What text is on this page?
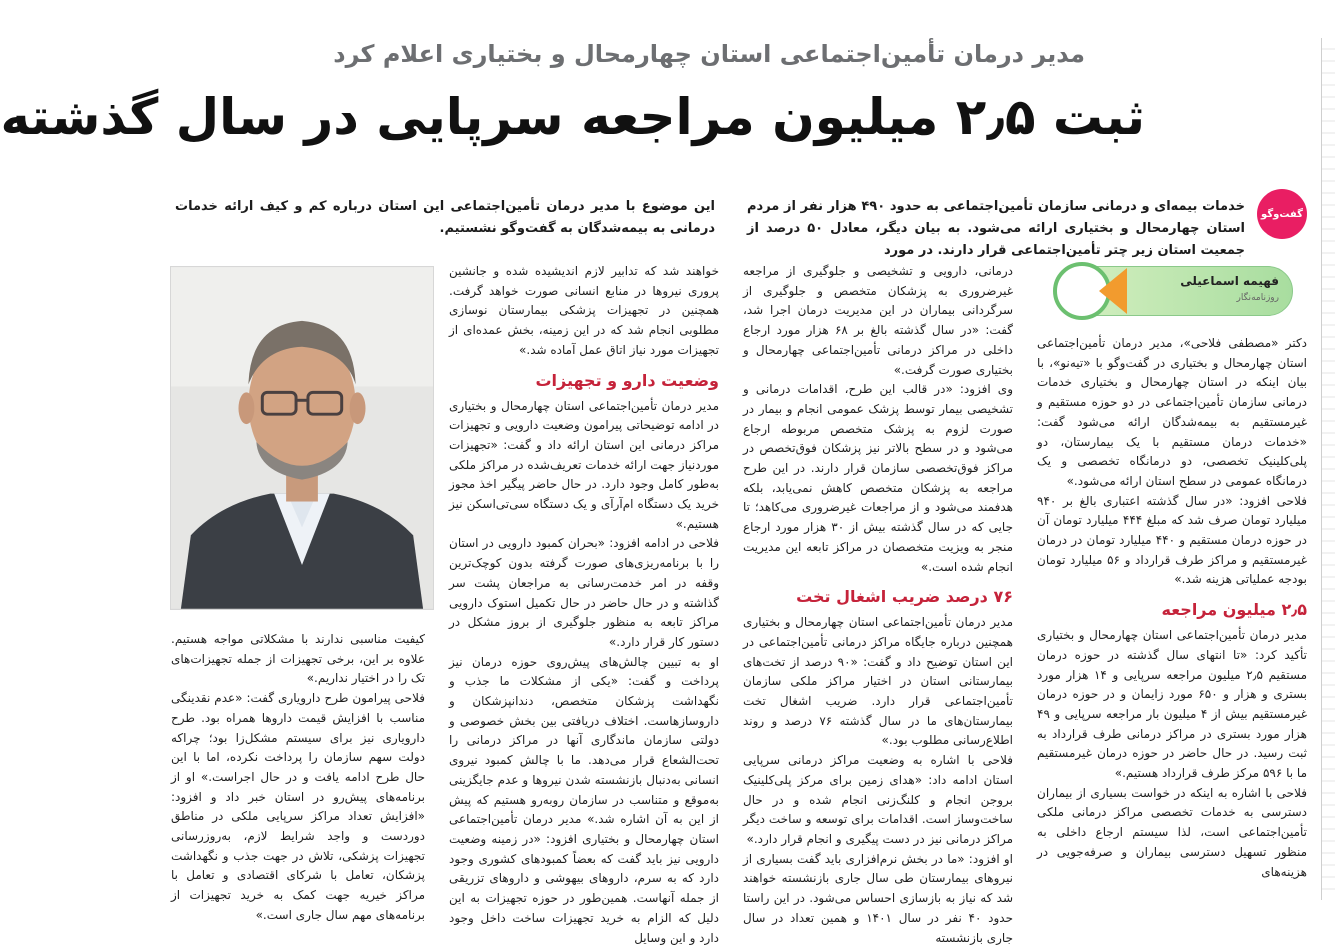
مدیر درمان تأمین‌اجتماعی استان چهارمحال و بختیاری اعلام کرد
ثبت ۲٫۵ میلیون مراجعه سرپایی در سال گذشته
گفت‌وگو
خدمات بیمه‌ای و درمانی سازمان تأمین‌اجتماعی به حدود ۴۹۰ هزار نفر از مردم استان چهارمحال و بختیاری ارائه می‌شود. به بیان دیگر، معادل ۵۰ درصد از جمعیت استان زیر چتر تأمین‌اجتماعی قرار دارند. در مورد
این موضوع با مدیر درمان تأمین‌اجتماعی این استان درباره کم و کیف ارائه خدمات درمانی به بیمه‌شدگان به گفت‌وگو نشستیم.
فهیمه اسماعیلی
روزنامه‌نگار

دکتر «مصطفی فلاحی»، مدیر درمان تأمین‌اجتماعی استان چهارمحال و بختیاری در گفت‌وگو با «تیه‌نو»، با بیان اینکه در استان چهارمحال و بختیاری خدمات درمانی سازمان تأمین‌اجتماعی در دو حوزه مستقیم و غیرمستقیم به بیمه‌شدگان ارائه می‌شود گفت: «خدمات درمان مستقیم با یک بیمارستان، دو پلی‌کلینیک تخصصی، دو درمانگاه تخصصی و یک درمانگاه عمومی در سطح استان ارائه می‌شود.»

فلاحی افزود: «در سال گذشته اعتباری بالغ بر ۹۴۰ میلیارد تومان صرف شد که مبلغ ۴۴۴ میلیارد تومان آن در حوزه درمان مستقیم و ۴۴۰ میلیارد تومان در درمان غیرمستقیم و مراکز طرف قرارداد و ۵۶ میلیارد تومان بودجه عملیاتی هزینه شد.»

۲٫۵ میلیون مراجعه

مدیر درمان تأمین‌اجتماعی استان چهارمحال و بختیاری تأکید کرد: «تا انتهای سال گذشته در حوزه درمان مستقیم ۲٫۵ میلیون مراجعه سرپایی و ۱۴ هزار مورد بستری و هزار و ۶۵۰ مورد زایمان و در حوزه درمان غیرمستقیم بیش از ۴ میلیون بار مراجعه سرپایی و ۴۹ هزار مورد بستری در مراکز درمانی طرف قرارداد به ثبت رسید. در حال حاضر در حوزه درمان غیرمستقیم ما با ۵۹۶ مرکز طرف قرارداد هستیم.»

فلاحی با اشاره به اینکه در خواست بسیاری از بیماران دسترسی به خدمات تخصصی مراکز درمانی ملکی تأمین‌اجتماعی است، لذا سیستم ارجاع داخلی به منظور تسهیل دسترسی بیماران و صرفه‌جویی در هزینه‌های

درمانی، دارویی و تشخیصی و جلوگیری از مراجعه غیرضروری به پزشکان متخصص و جلوگیری از سرگردانی بیماران در این مدیریت درمان اجرا شد، گفت: «در سال گذشته بالغ بر ۶۸ هزار مورد ارجاع داخلی در مراکز درمانی تأمین‌اجتماعی چهارمحال و بختیاری صورت گرفت.»

وی افزود: «در قالب این طرح، اقدامات درمانی و تشخیصی بیمار توسط پزشک عمومی انجام و بیمار در صورت لزوم به پزشک متخصص مربوطه ارجاع می‌شود و در سطح بالاتر نیز پزشکان فوق‌تخصص در مراکز فوق‌تخصصی سازمان قرار دارند. در این طرح مراجعه به پزشکان متخصص کاهش نمی‌یابد، بلکه هدفمند می‌شود و از مراجعات غیرضروری می‌کاهد؛ تا جایی که در سال گذشته بیش از ۳۰ هزار مورد ارجاع منجر به ویزیت متخصصان در مراکز تابعه این مدیریت انجام شده است.»

۷۶ درصد ضریب اشغال تخت

مدیر درمان تأمین‌اجتماعی استان چهارمحال و بختیاری همچنین درباره جایگاه مراکز درمانی تأمین‌اجتماعی در این استان توضیح داد و گفت: «۹۰ درصد از تخت‌های بیمارستانی استان در اختیار مراکز ملکی سازمان تأمین‌اجتماعی قرار دارد. ضریب اشغال تخت بیمارستان‌های ما در سال گذشته ۷۶ درصد و روند اطلاع‌رسانی مطلوب بود.»

فلاحی با اشاره به وضعیت مراکز درمانی سرپایی استان ادامه داد: «هدای زمین برای مرکز پلی‌کلینیک بروجن انجام و کلنگ‌زنی انجام شده و در حال ساخت‌وساز است. اقدامات برای توسعه و ساخت دیگر مراکز درمانی نیز در دست پیگیری و انجام قرار دارد.»

او افزود: «ما در بخش نرم‌افزاری باید گفت بسیاری از نیروهای بیمارستان طی سال جاری بازنشسته خواهند شد که نیاز به بازسازی احساس می‌شود. در این راستا حدود ۴۰ نفر در سال ۱۴۰۱ و همین تعداد در سال جاری بازنشسته

خواهند شد که تدابیر لازم اندیشیده شده و جانشین پروری نیروها در منابع انسانی صورت خواهد گرفت. همچنین در تجهیزات پزشکی بیمارستان نوسازی مطلوبی انجام شد که در این زمینه، بخش عمده‌ای از تجهیزات مورد نیاز اتاق عمل آماده شد.»

وضعیت دارو و تجهیزات

مدیر درمان تأمین‌اجتماعی استان چهارمحال و بختیاری در ادامه توضیحاتی پیرامون وضعیت دارویی و تجهیزات مراکز درمانی این استان ارائه داد و گفت: «تجهیزات موردنیاز جهت ارائه خدمات تعریف‌شده در مراکز ملکی به‌طور کامل وجود دارد. در حال حاضر پیگیر اخذ مجوز خرید یک دستگاه ام‌آر‌آی و یک دستگاه سی‌تی‌اسکن نیز هستیم.»

فلاحی در ادامه افزود: «بحران کمبود دارویی در استان را با برنامه‌ریزی‌های صورت گرفته بدون کوچک‌ترین وقفه در امر خدمت‌رسانی به مراجعان پشت سر گذاشته و در حال حاضر در حال تکمیل استوک دارویی مراکز تابعه به منظور جلوگیری از بروز مشکل در دستور کار قرار دارد.»

او به تبیین چالش‌های پیش‌روی حوزه درمان نیز پرداخت و گفت: «یکی از مشکلات ما جذب و نگهداشت پزشکان متخصص، دندانپزشکان و داروسازهاست. اختلاف دریافتی بین بخش خصوصی و دولتی سازمان ماندگاری آنها در مراکز درمانی را تحت‌الشعاع قرار می‌دهد. ما با چالش کمبود نیروی انسانی به‌دنبال بازنشسته شدن نیروها و عدم جایگزینی به‌موقع و متناسب در سازمان روبه‌رو هستیم که پیش از این به آن اشاره شد.» مدیر درمان تأمین‌اجتماعی استان چهارمحال و بختیاری افزود: «در زمینه وضعیت دارویی نیز باید گفت که بعضاً کمبودهای کشوری وجود دارد که به‌ سرم، داروهای بیهوشی و داروهای تزریقی از جمله آنهاست. همین‌طور در حوزه تجهیزات به این دلیل که الزام به خرید تجهیزات ساخت داخل وجود دارد و این وسایل

کیفیت مناسبی ندارند با مشکلاتی مواجه هستیم. علاوه بر این، برخی تجهیزات از جمله تجهیزات‌های تک را در اختیار نداریم.»

فلاحی پیرامون طرح دارویاری گفت: «عدم نقدینگی مناسب با افزایش قیمت داروها همراه بود. طرح دارویاری نیز برای سیستم مشکل‌زا بود؛ چراکه دولت سهم سازمان را پرداخت نکرده، اما با این حال طرح ادامه یافت و در حال اجراست.» او از برنامه‌های پیش‌رو در استان خبر داد و افزود: «افزایش تعداد مراکز سرپایی ملکی در مناطق دوردست و واجد شرایط لازم، به‌روزرسانی تجهیزات پزشکی، تلاش در جهت جذب و نگهداشت پزشکان، تعامل با شرکای اقتصادی و تعامل با مراکز خیریه جهت کمک به خرید تجهیزات از برنامه‌های مهم سال جاری است.»
